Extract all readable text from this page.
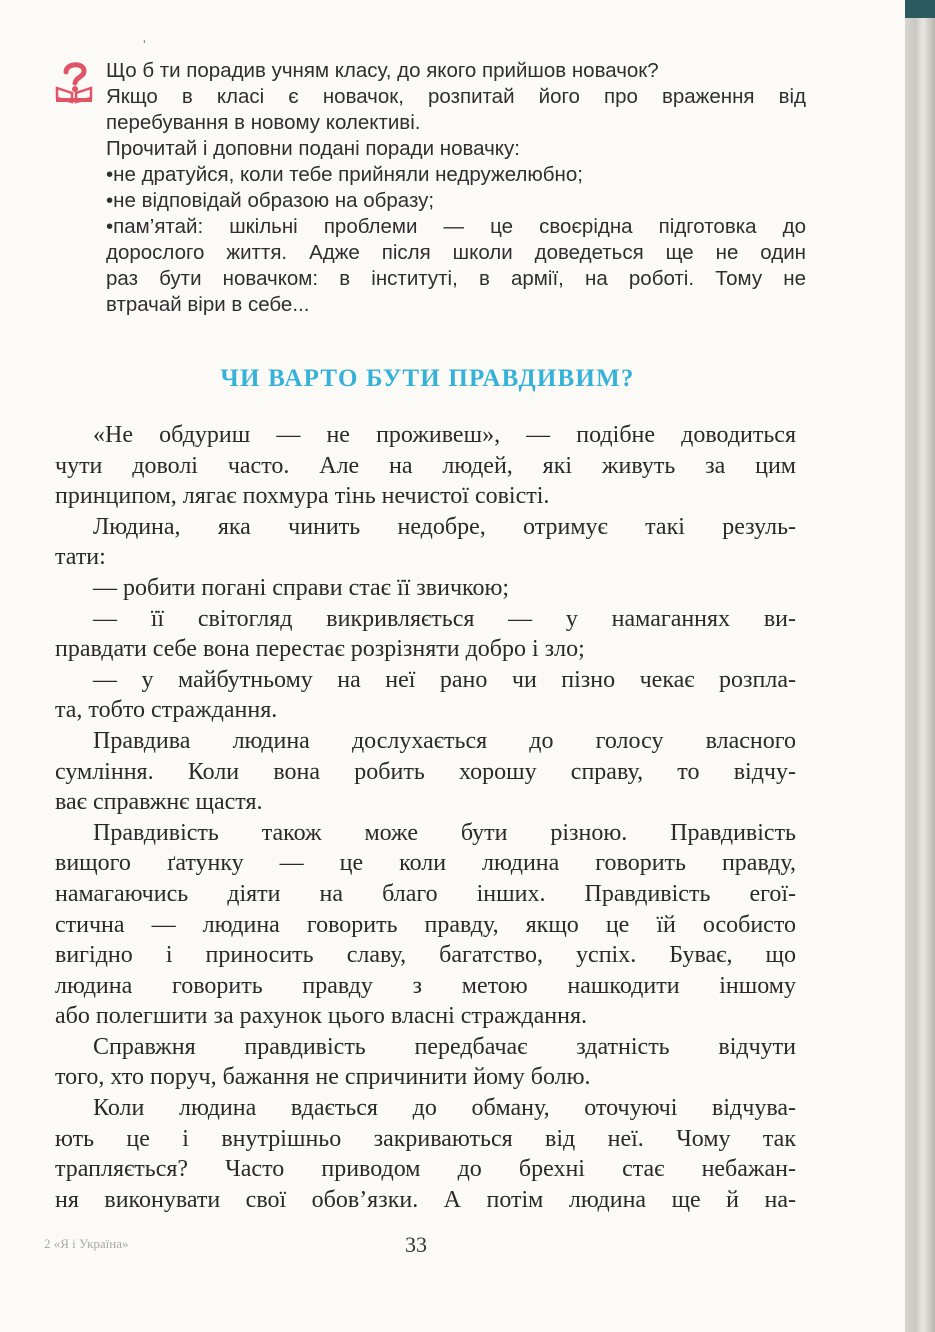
ʼ
Що б ти порадив учням класу, до якого прийшов новачок?
Якщо в класі є новачок, розпитай його про враження від
перебування в новому колективі.
Прочитай і доповни подані поради новачку:
•не дратуйся, коли тебе прийняли недружелюбно;
•не відповідай образою на образу;
•пам’ятай: шкільні проблеми — це своєрідна підготовка до
дорослого життя. Адже після школи доведеться ще не один
раз бути новачком: в інституті, в армії, на роботі. Тому не
втрачай віри в себе...
ЧИ ВАРТО БУТИ ПРАВДИВИМ?
«Не обдуриш — не проживеш», — подібне доводиться
чути доволі часто. Але на людей, які живуть за цим
принципом, лягає похмура тінь нечистої совісті.
Людина, яка чинить недобре, отримує такі резуль-
тати:
— робити погані справи стає її звичкою;
— її світогляд викривляється — у намаганнях ви-
правдати себе вона перестає розрізняти добро і зло;
— у майбутньому на неї рано чи пізно чекає розпла-
та, тобто страждання.
Правдива людина дослухається до голосу власного
сумління. Коли вона робить хорошу справу, то відчу-
ває справжнє щастя.
Правдивість також може бути різною. Правдивість
вищого ґатунку — це коли людина говорить правду,
намагаючись діяти на благо інших. Правдивість егої-
стична — людина говорить правду, якщо це їй особисто
вигідно і приносить славу, багатство, успіх. Буває, що
людина говорить правду з метою нашкодити іншому
або полегшити за рахунок цього власні страждання.
Справжня правдивість передбачає здатність відчути
того, хто поруч, бажання не спричинити йому болю.
Коли людина вдається до обману, оточуючі відчува-
ють це і внутрішньо закриваються від неї. Чому так
трапляється? Часто приводом до брехні стає небажан-
ня виконувати свої обов’язки. А потім людина ще й на-
2 «Я і Україна»	33
